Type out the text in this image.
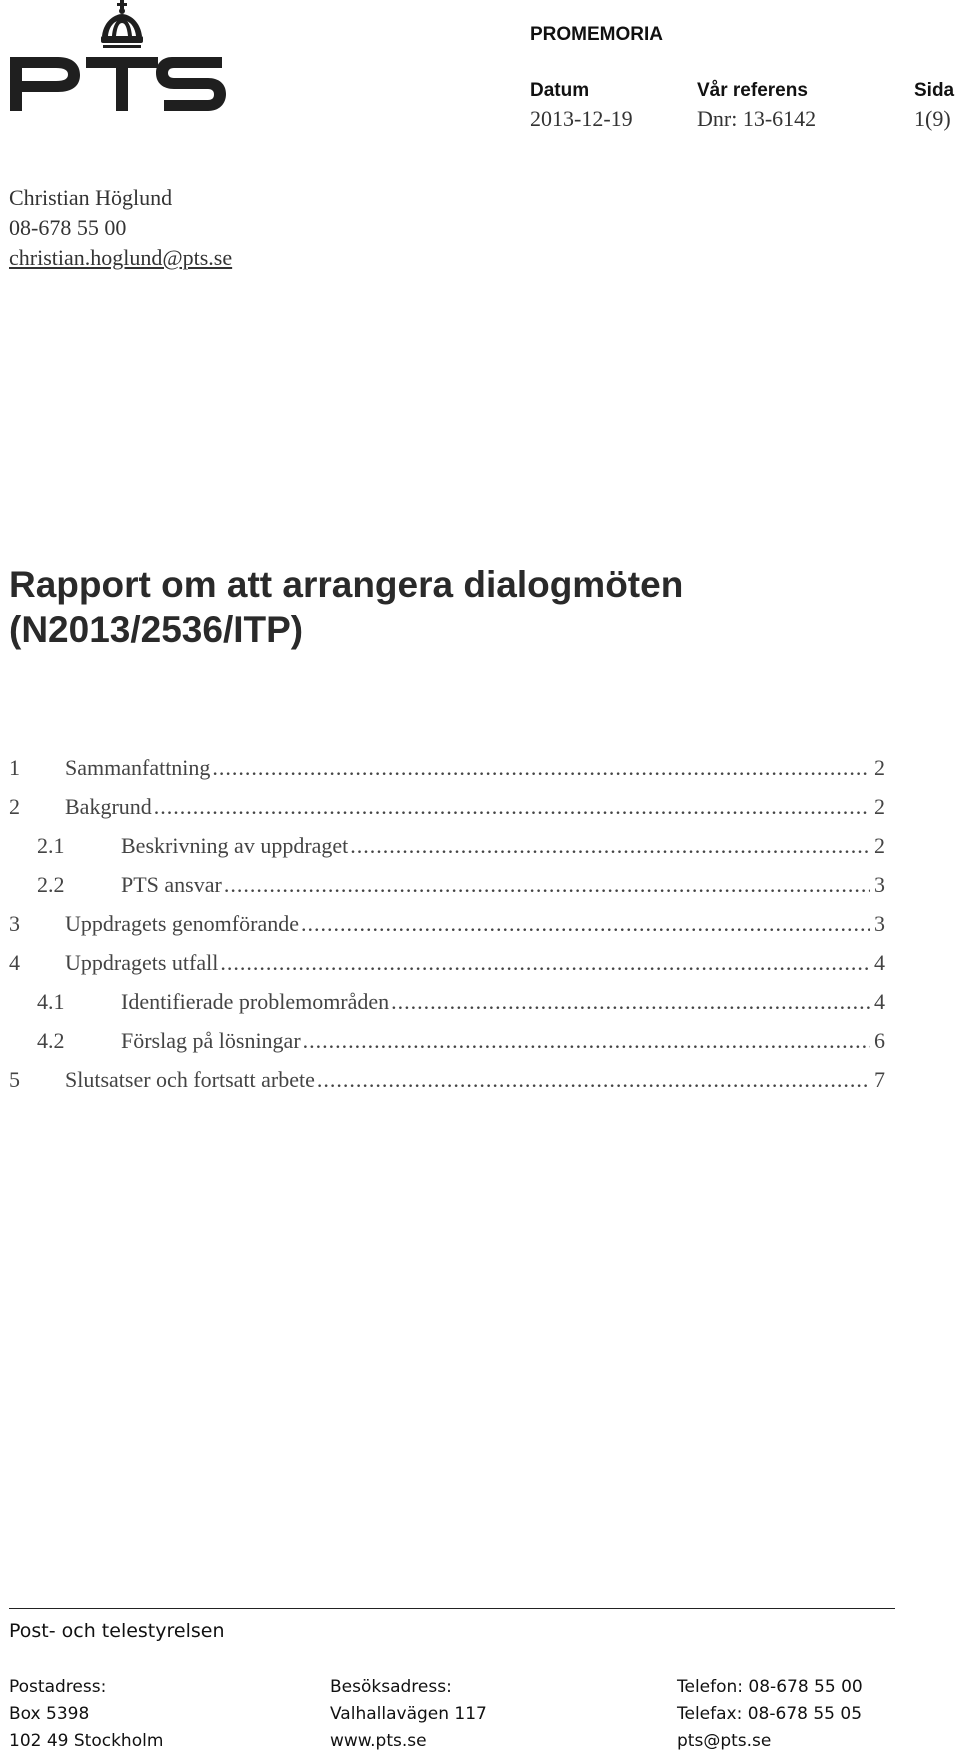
PROMEMORIA
Datum	Vår referens	Sida
2013-12-19	Dnr: 13-6142	1(9)
Christian Höglund
08-678 55 00
christian.hoglund@pts.se
Rapport om att arrangera dialogmöten
(N2013/2536/ITP)
1	Sammanfattning .....	2
2	Bakgrund .....	2
2.1	Beskrivning av uppdraget .....	2
2.2	PTS ansvar .....	3
3	Uppdragets genomförande .....	3
4	Uppdragets utfall .....	4
4.1	Identifierade problemområden .....	4
4.2	Förslag på lösningar .....	6
5	Slutsatser och fortsatt arbete .....	7
Post- och telestyrelsen
Postadress:
Box 5398
102 49 Stockholm
Besöksadress:
Valhallavägen 117
www.pts.se
Telefon: 08-678 55 00
Telefax: 08-678 55 05
pts@pts.se
